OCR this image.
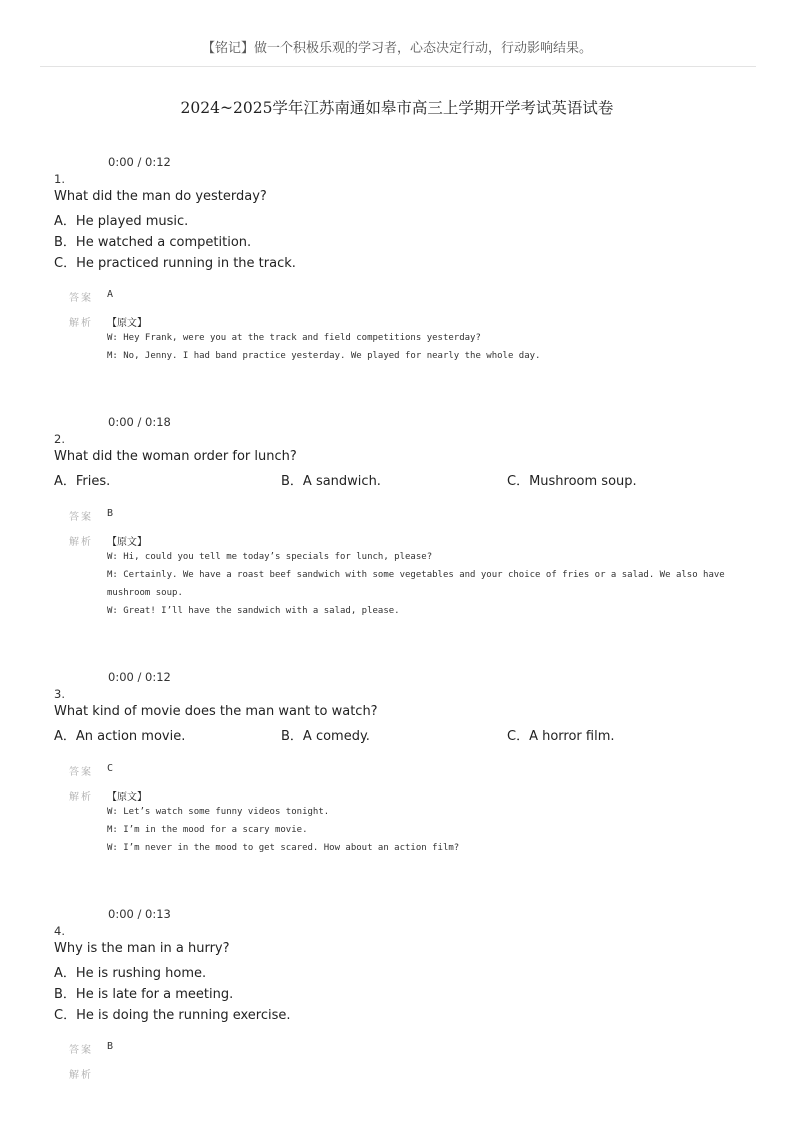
【铭记】做一个积极乐观的学习者，心态决定行动，行动影响结果。
2024~2025学年江苏南通如皋市高三上学期开学考试英语试卷
0:00 / 0:12
1.
What did the man do yesterday?
A．He played music.
B．He watched a competition.
C．He practiced running in the track.
答案 A
解析 【原文】
W: Hey Frank, were you at the track and field competitions yesterday?
M: No, Jenny. I had band practice yesterday. We played for nearly the whole day.
0:00 / 0:18
2.
What did the woman order for lunch?
A．Fries.	B．A sandwich.	C．Mushroom soup.
答案 B
解析 【原文】
W: Hi, could you tell me today’s specials for lunch, please?
M: Certainly. We have a roast beef sandwich with some vegetables and your choice of fries or a salad. We also have
mushroom soup.
W: Great! I’ll have the sandwich with a salad, please.
0:00 / 0:12
3.
What kind of movie does the man want to watch?
A．An action movie.	B．A comedy.	C．A horror film.
答案 C
解析 【原文】
W: Let’s watch some funny videos tonight.
M: I’m in the mood for a scary movie.
W: I’m never in the mood to get scared. How about an action film?
0:00 / 0:13
4.
Why is the man in a hurry?
A．He is rushing home.
B．He is late for a meeting.
C．He is doing the running exercise.
答案 B
解析
